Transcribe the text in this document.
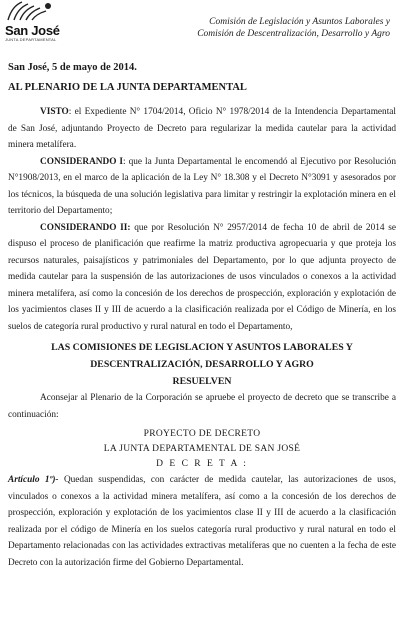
San José
JUNTA DEPARTAMENTAL
Comisión de Legislación y Asuntos Laborales y
Comisión de Descentralización, Desarrollo y Agro
San José, 5 de mayo de 2014.
AL PLENARIO DE LA JUNTA DEPARTAMENTAL

VISTO: el Expediente N° 1704/2014, Oficio N° 1978/2014 de la Intendencia Departamental de San José, adjuntando Proyecto de Decreto para regularizar la medida cautelar para la actividad minera metalífera.

CONSIDERANDO I: que la Junta Departamental le encomendó al Ejecutivo por Resolución N°1908/2013, en el marco de la aplicación de la Ley N° 18.308 y el Decreto N°3091 y asesorados por los técnicos, la búsqueda de una solución legislativa para limitar y restringir la explotación minera en el territorio del Departamento;

CONSIDERANDO II: que por Resolución N° 2957/2014 de fecha 10 de abril de 2014 se dispuso el proceso de planificación que reafirme la matriz productiva agropecuaria y que proteja los recursos naturales, paisajísticos y patrimoniales del Departamento, por lo que adjunta proyecto de medida cautelar para la suspensión de las autorizaciones de usos vinculados o conexos a la actividad minera metalífera, así como la concesión de los derechos de prospección, exploración y explotación de los yacimientos clases II y III de acuerdo a la clasificación realizada por el Código de Minería, en los suelos de categoría rural productivo y rural natural en todo el Departamento,

LAS COMISIONES DE LEGISLACION Y ASUNTOS LABORALES Y
DESCENTRALIZACIÓN, DESARROLLO Y AGRO
RESUELVEN

Aconsejar al Plenario de la Corporación se apruebe el proyecto de decreto que se transcribe a continuación:

PROYECTO DE DECRETO
LA JUNTA DEPARTAMENTAL DE SAN JOSÉ
D E C R E T A :

Artículo 1º)- Quedan suspendidas, con carácter de medida cautelar, las autorizaciones de usos, vinculados o conexos a la actividad minera metalífera, así como a la concesión de los derechos de prospección, exploración y explotación de los yacimientos clase II y III de acuerdo a la clasificación realizada por el código de Minería en los suelos categoría rural productivo y rural natural en todo el Departamento relacionadas con las actividades extractivas metalíferas que no cuenten a la fecha de este Decreto con la autorización firme del Gobierno Departamental.
